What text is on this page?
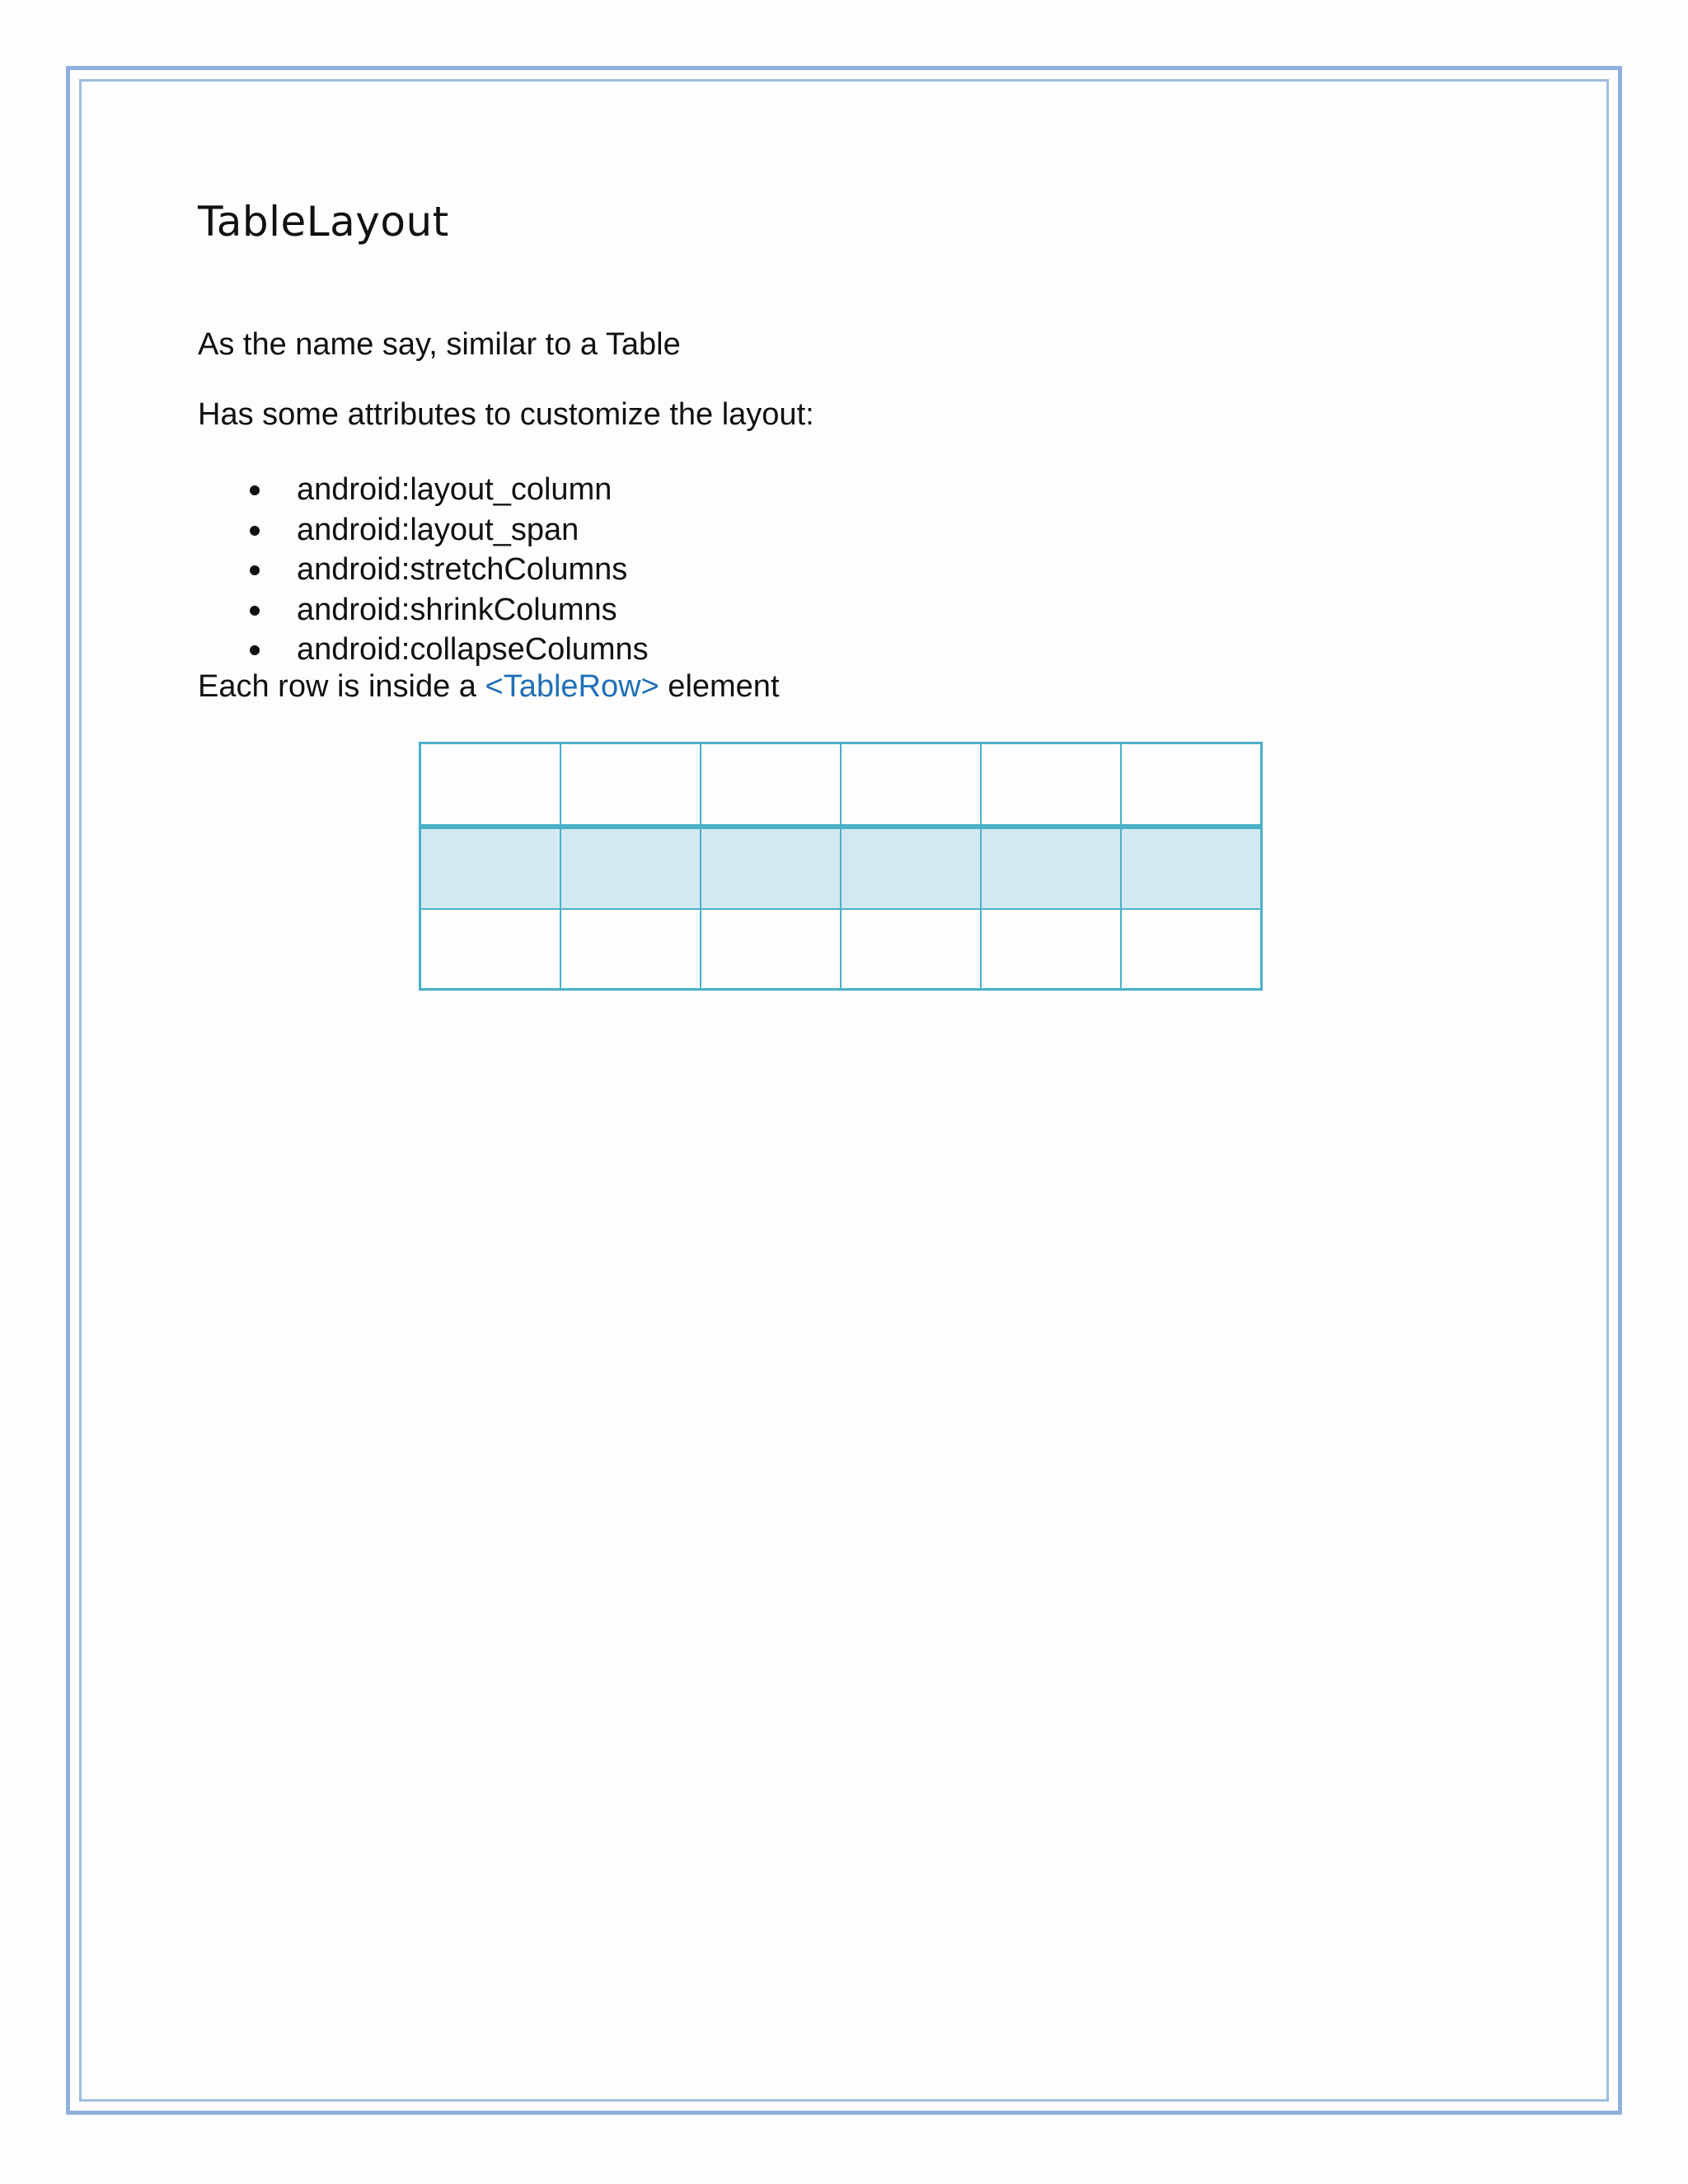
TableLayout

As the name say, similar to a Table

Has some attributes to customize the layout:

android:layout_column
android:layout_span
android:stretchColumns
android:shrinkColumns
android:collapseColumns

Each row is inside a <TableRow> element
